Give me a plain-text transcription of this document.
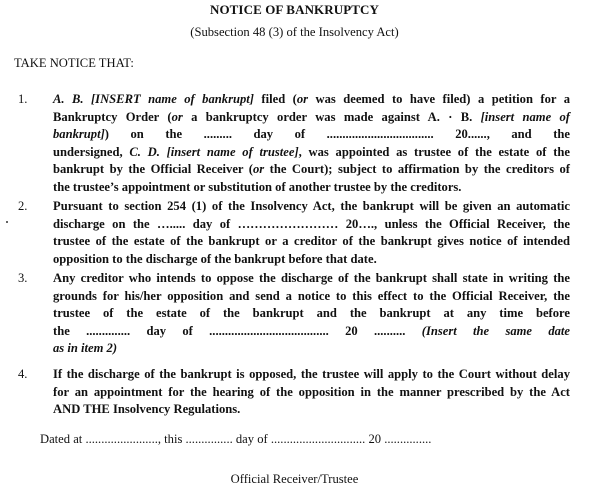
NOTICE OF BANKRUPTCY
(Subsection 48 (3) of the Insolvency Act)
TAKE NOTICE THAT:
1. A. B. [INSERT name of bankrupt] filed (or was deemed to have filed) a petition for a
Bankruptcy Order (or a bankruptcy order was made against A. · B. [insert name of
bankrupt]) on the ......... day of .................................. 20......, and the
undersigned, C. D. [insert name of trustee], was appointed as trustee of the estate of the
bankrupt by the Official Receiver (or the Court); subject to affirmation by the creditors of
the trustee’s appointment or substitution of another trustee by the creditors.
2. Pursuant to section 254 (1) of the Insolvency Act, the bankrupt will be given an automatic
discharge on the …..... day of …………………… 20…., unless the Official Receiver, the
trustee of the estate of the bankrupt or a creditor of the bankrupt gives notice of intended
opposition to the discharge of the bankrupt before that date.
3. Any creditor who intends to oppose the discharge of the bankrupt shall state in writing the
grounds for his/her opposition and send a notice to this effect to the Official Receiver, the
trustee of the estate of the bankrupt and the bankrupt at any time before
the .............. day of ...................................... 20 .......... (Insert the same date
as in item 2)
4. If the discharge of the bankrupt is opposed, the trustee will apply to the Court without delay
for an appointment for the hearing of the opposition in the manner prescribed by the Act
AND THE Insolvency Regulations.
Dated at ......................., this ............... day of .............................. 20 ...............
Official Receiver/Trustee
